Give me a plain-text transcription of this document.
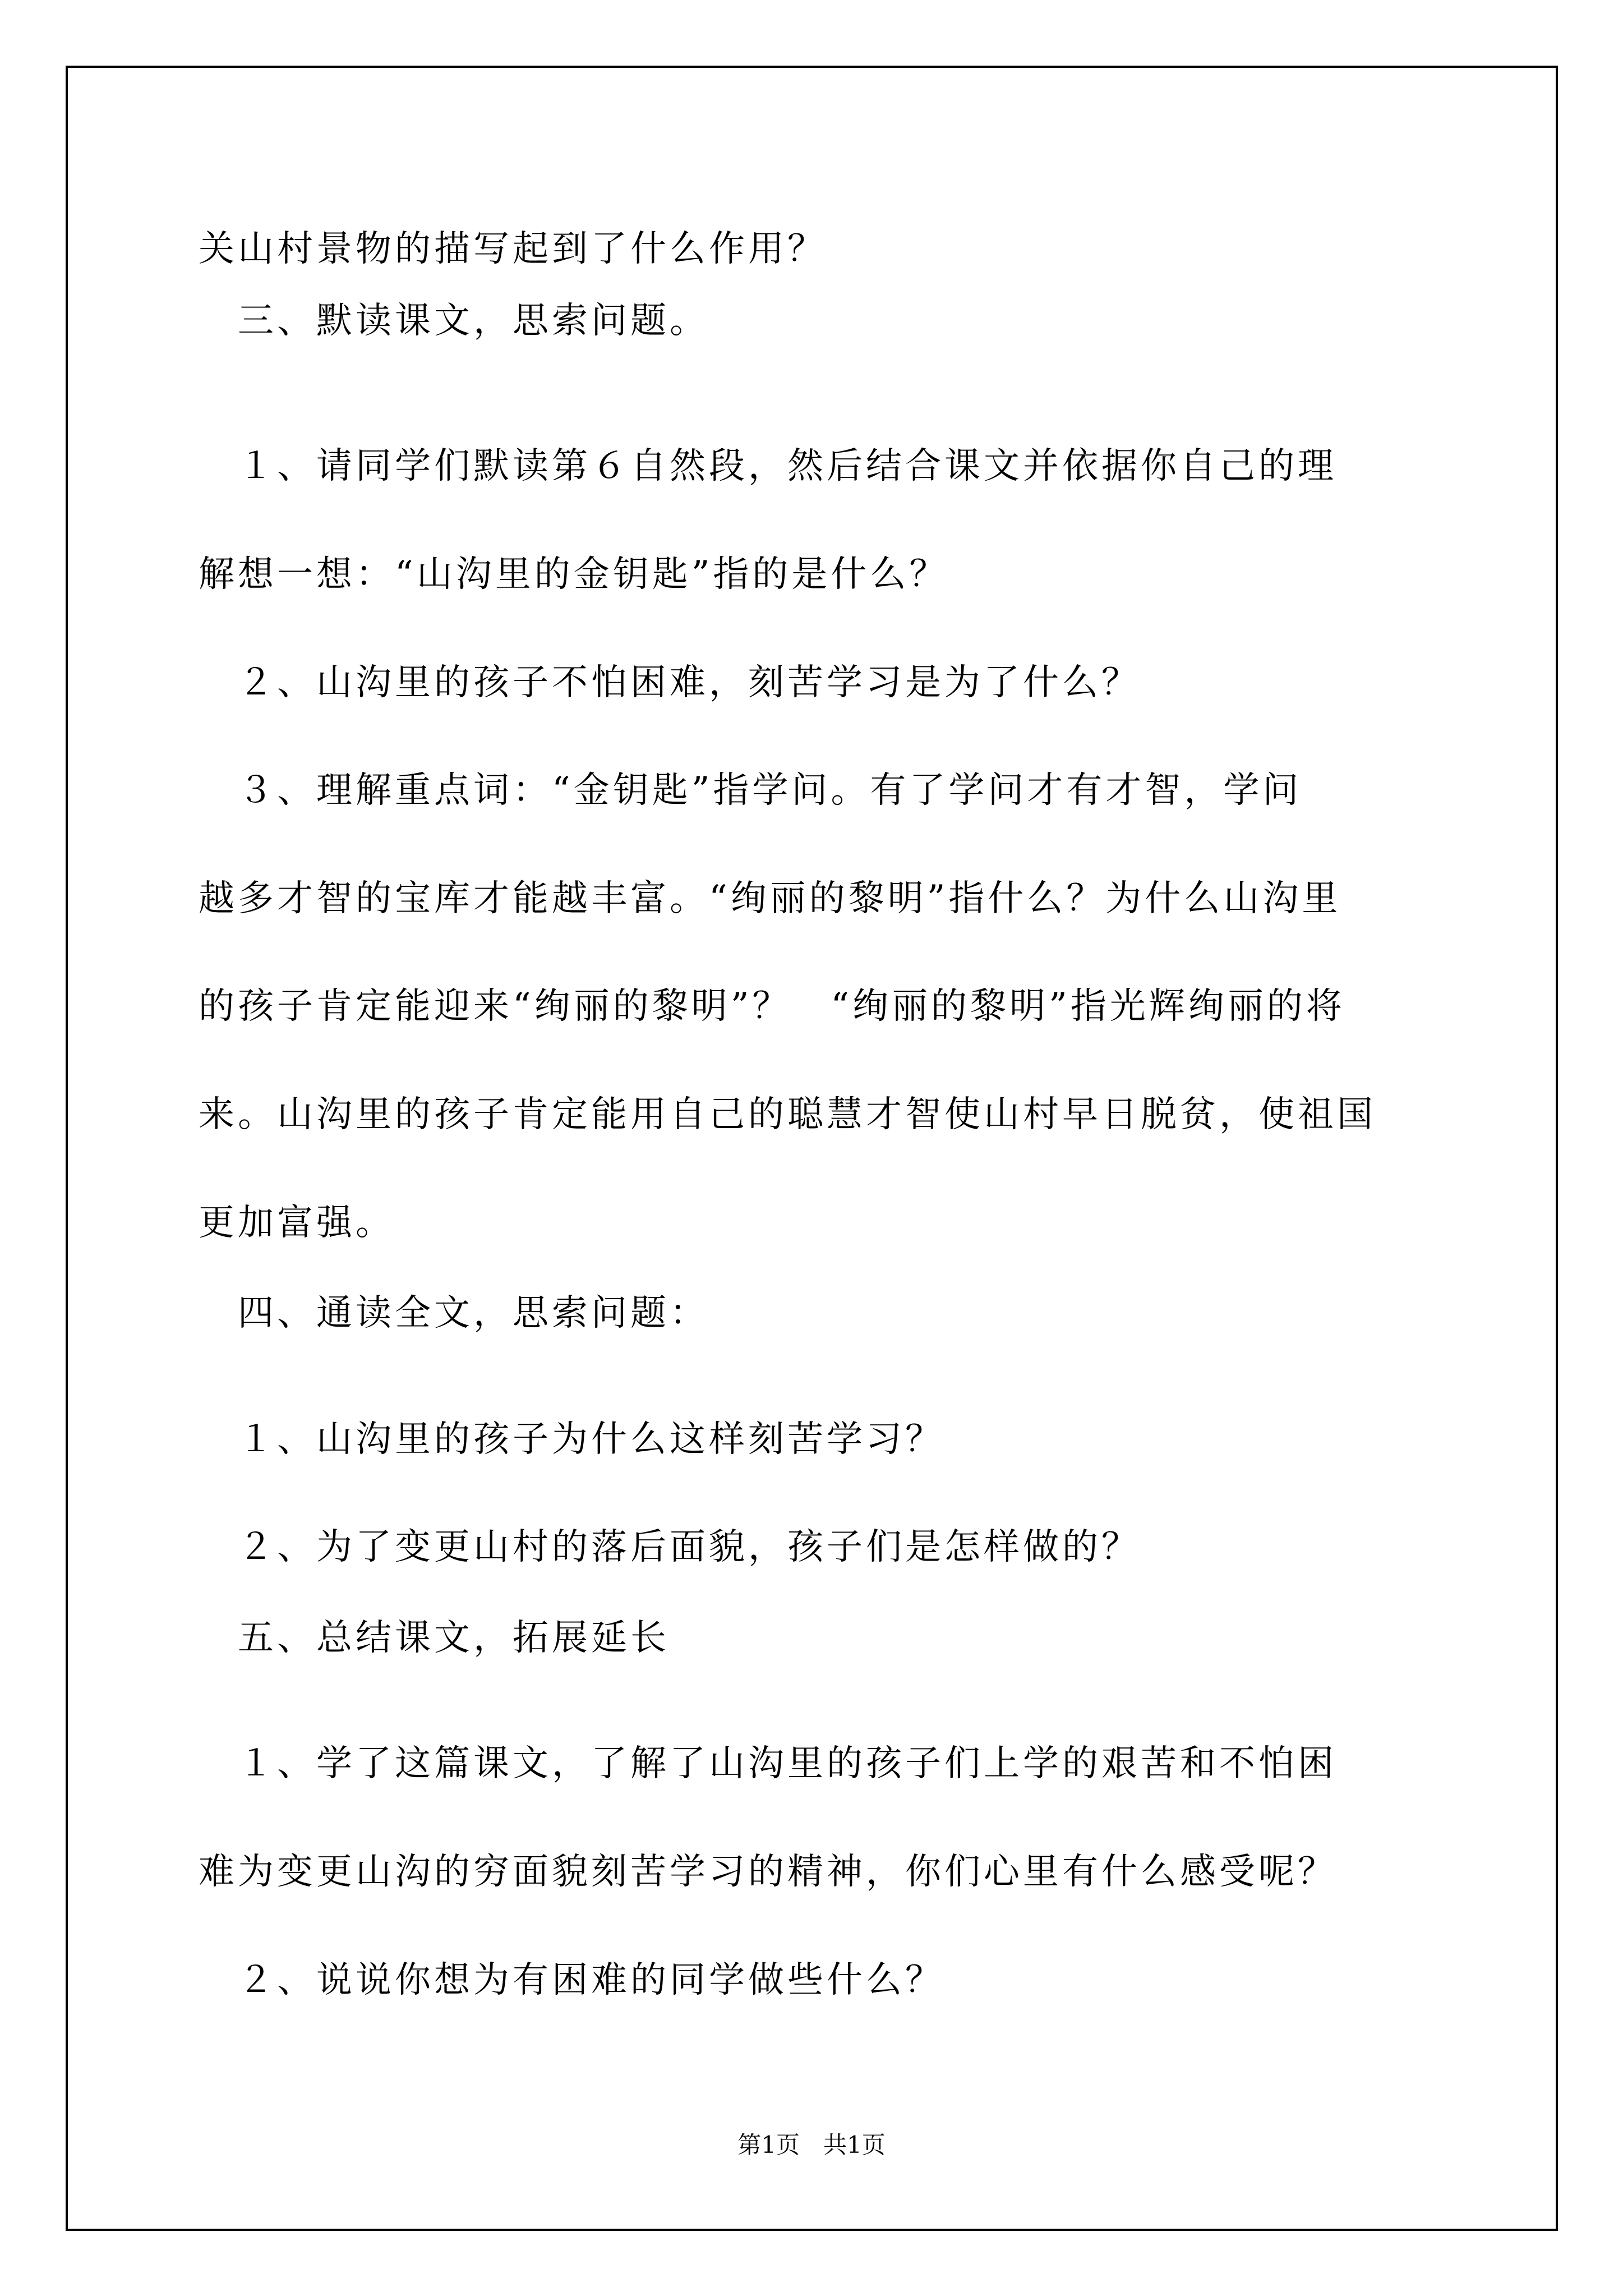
关山村景物的描写起到了什么作用？
　三、默读课文，思索问题。
　１、请同学们默读第６自然段，然后结合课文并依据你自己的理
解想一想：“山沟里的金钥匙”指的是什么？
　２、山沟里的孩子不怕困难，刻苦学习是为了什么？
　３、理解重点词：“金钥匙”指学问。有了学问才有才智，学问
越多才智的宝库才能越丰富。“绚丽的黎明”指什么？为什么山沟里
的孩子肯定能迎来“绚丽的黎明”？　“绚丽的黎明”指光辉绚丽的将
来。山沟里的孩子肯定能用自己的聪慧才智使山村早日脱贫，使祖国
更加富强。
　四、通读全文，思索问题：
　１、山沟里的孩子为什么这样刻苦学习？
　２、为了变更山村的落后面貌，孩子们是怎样做的？
　五、总结课文，拓展延长
　１、学了这篇课文，了解了山沟里的孩子们上学的艰苦和不怕困
难为变更山沟的穷面貌刻苦学习的精神，你们心里有什么感受呢？
　２、说说你想为有困难的同学做些什么？
第1页　共1页
